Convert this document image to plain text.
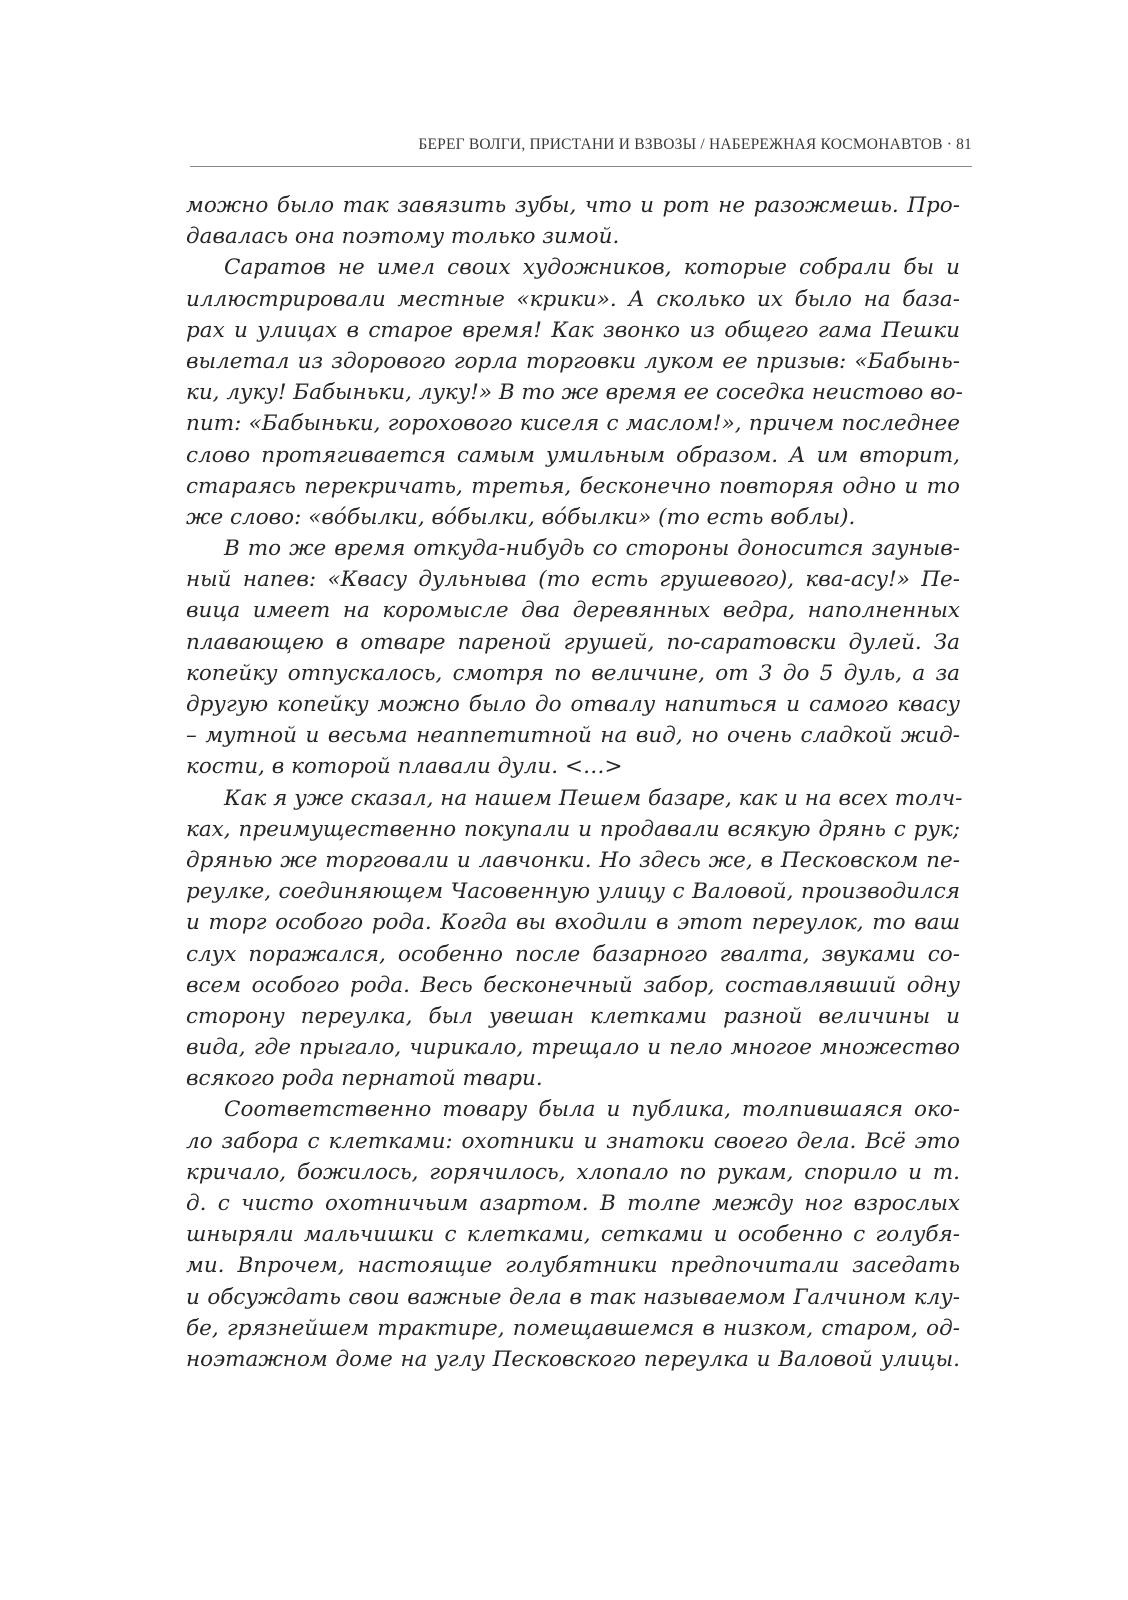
БЕРЕГ ВОЛГИ, ПРИСТАНИ И ВЗВОЗЫ / НАБЕРЕЖНАЯ КОСМОНАВТОВ · 81
можно было так завязить зубы, что и рот не разожмешь. Про-
давалась она поэтому только зимой.
Саратов не имел своих художников, которые собрали бы и
иллюстрировали местные «крики». А сколько их было на база-
рах и улицах в старое время! Как звонко из общего гама Пешки
вылетал из здорового горла торговки луком ее призыв: «Бабынь-
ки, луку! Бабыньки, луку!» В то же время ее соседка неистово во-
пит: «Бабыньки, горохового киселя с маслом!», причем последнее
слово протягивается самым умильным образом. А им вторит,
стараясь перекричать, третья, бесконечно повторяя одно и то
же слово: «во́былки, во́былки, во́былки» (то есть воблы).
В то же время откуда-нибудь со стороны доносится зауныв-
ный напев: «Квасу дульныва (то есть грушевого), ква-асу!» Пе-
вица имеет на коромысле два деревянных ведра, наполненных
плавающею в отваре пареной грушей, по-саратовски дулей. За
копейку отпускалось, смотря по величине, от 3 до 5 дуль, а за
другую копейку можно было до отвалу напиться и самого квасу
– мутной и весьма неаппетитной на вид, но очень сладкой жид-
кости, в которой плавали дули. <…>
Как я уже сказал, на нашем Пешем базаре, как и на всех толч-
ках, преимущественно покупали и продавали всякую дрянь с рук;
дрянью же торговали и лавчонки. Но здесь же, в Песковском пе-
реулке, соединяющем Часовенную улицу с Валовой, производился
и торг особого рода. Когда вы входили в этот переулок, то ваш
слух поражался, особенно после базарного гвалта, звуками со-
всем особого рода. Весь бесконечный забор, составлявший одну
сторону переулка, был увешан клетками разной величины и
вида, где прыгало, чирикало, трещало и пело многое множество
всякого рода пернатой твари.
Соответственно товару была и публика, толпившаяся око-
ло забора с клетками: охотники и знатоки своего дела. Всё это
кричало, божилось, горячилось, хлопало по рукам, спорило и т.
д. с чисто охотничьим азартом. В толпе между ног взрослых
шныряли мальчишки с клетками, сетками и особенно с голубя-
ми. Впрочем, настоящие голубятники предпочитали заседать
и обсуждать свои важные дела в так называемом Галчином клу-
бе, грязнейшем трактире, помещавшемся в низком, старом, од-
ноэтажном доме на углу Песковского переулка и Валовой улицы.
